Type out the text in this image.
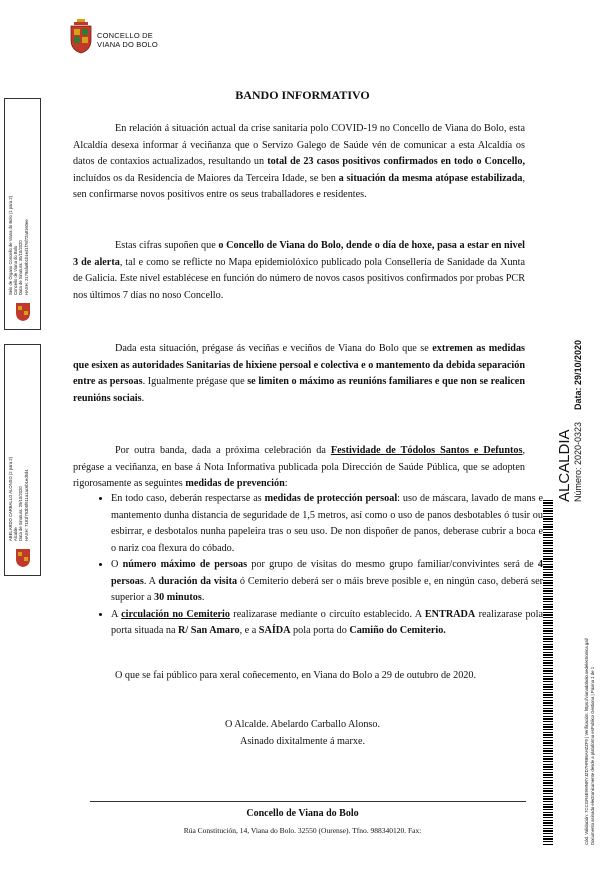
CONCELLO DE
VIANA DO BOLO
Selo de Órgano Concello de Viana do Bolo (1 para 2) Concello de Viana do Bolo Data de Sinatura: 30/10/2020 HASH: 2179afa9b1b1ed1f76f72a8160ee
ABELARDO CARBALLO ALONSO (2 para 2) Alcalde Data de Sinatura: 29/10/2020 HASH: 7181f753b5f611a1ac6b1ed5d4
BANDO INFORMATIVO
En relación á situación actual da crise sanitaria polo COVID-19 no Concello de Viana do Bolo, esta Alcaldía desexa informar á veciñanza que o Servizo Galego de Saúde vén de comunicar a esta Alcaldía os datos de contaxios actualizados, resultando un total de 23 casos positivos confirmados en todo o Concello, incluídos os da Residencia de Maiores da Terceira Idade, se ben a situación da mesma atópase estabilizada, sen confirmarse novos positivos entre os seus traballadores e residentes.
Estas cifras supoñen que o Concello de Viana do Bolo, dende o día de hoxe, pasa a estar en nivel 3 de alerta, tal e como se reflicte no Mapa epidemiolóxico publicado pola Consellería de Sanidade da Xunta de Galicia. Este nivel establécese en función do número de novos casos positivos confirmados por probas PCR nos últimos 7 días no noso Concello.
Dada esta situación, prégase ás veciñas e veciños de Viana do Bolo que se extremen as medidas que esixen as autoridades Sanitarias de hixiene persoal e colectiva e o mantemento da debida separación entre as persoas. Igualmente prégase que se limiten o máximo as reunións familiares e que non se realicen reunións sociais.
Por outra banda, dada a próxima celebración da Festividade de Tódolos Santos e Defuntos, prégase a veciñanza, en base á Nota Informativa publicada pola Dirección de Saúde Pública, que se adopten rigorosamente as seguintes medidas de prevención:
• En todo caso, deberán respectarse as medidas de protección persoal: uso de máscara, lavado de mans e mantemento dunha distancia de seguridade de 1,5 metros, así como o uso de panos desbotables ó tusir ou esbirrar, e desbotalos nunha papeleira tras o seu uso. De non dispoñer de panos, deberase cubrir a boca e o nariz coa flexura do cóbado.
• O número máximo de persoas por grupo de visitas do mesmo grupo familiar/convivintes será de 4 persoas. A duración da visita ó Cemiterio deberá ser o máis breve posible e, en ningún caso, deberá ser superior a 30 minutos.
• A circulación no Cemiterio realizarase mediante o circuíto establecido. A ENTRADA realizarase pola porta situada na R/ San Amaro, e a SAÍDA pola porta do Camiño do Cemiterio.
O que se fai público para xeral coñecemento, en Viana do Bolo a 29 de outubro de 2020.
O Alcalde. Abelardo Carballo Alonso.
Asinado dixitalmente á marxe.
Concello de Viana do Bolo
Rúa Constitución, 14, Viana do Bolo. 32550 (Ourense). Tfno. 988340120. Fax:
ALCALDIA Número: 2020-0323
Data: 29/10/2020
Cód. Validación: 7CCGR4E9WNRYJZD7HRB6AHZZF9 | Verificación: https://vianadobolo.sedelectronica.gal/ Documento asinado electronicamente desde a plataforma esPublico Gestiona | Páxina 1 de 1
